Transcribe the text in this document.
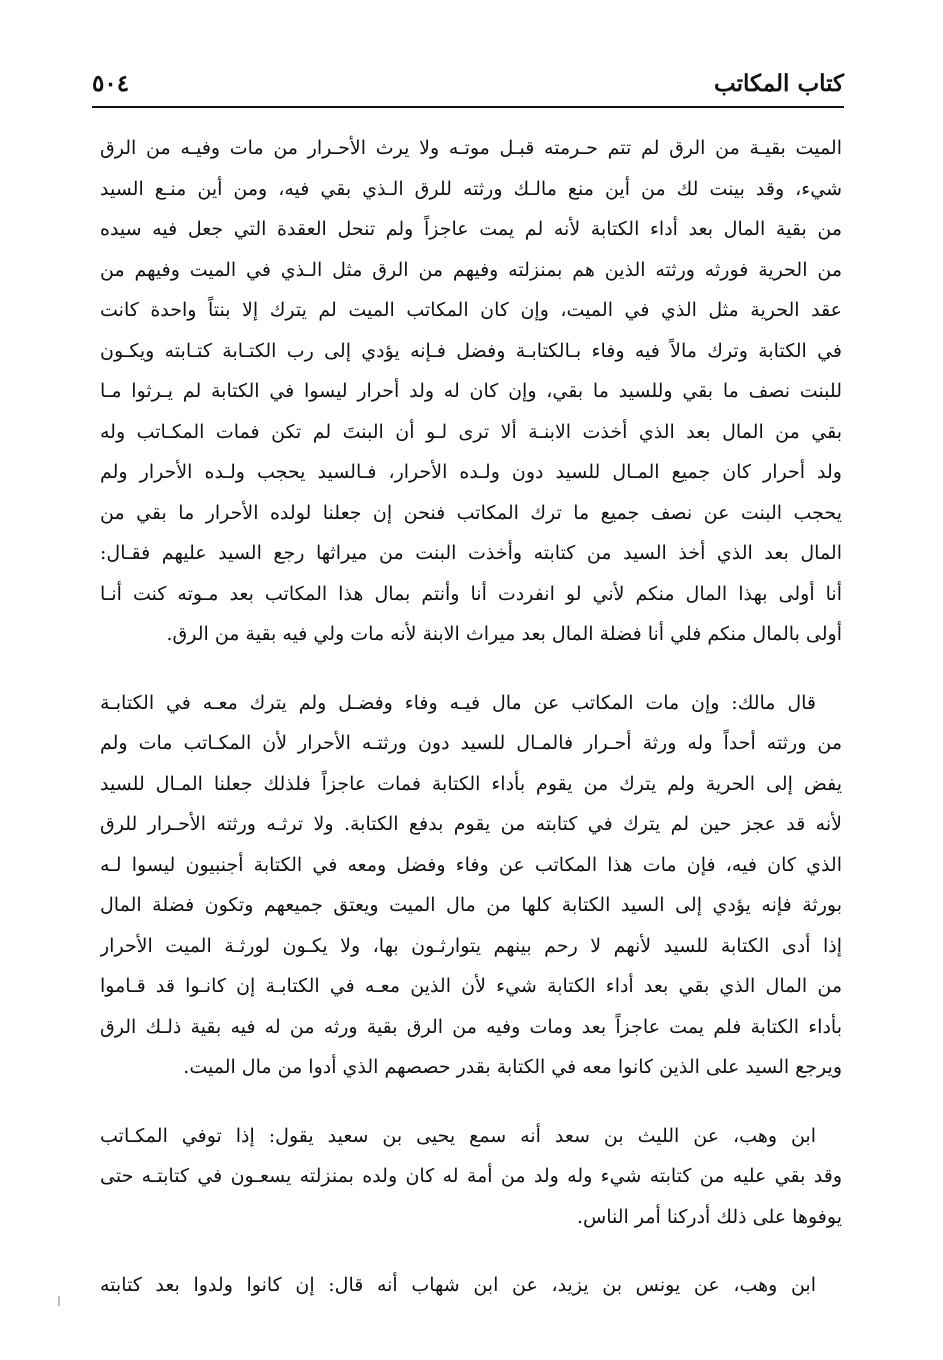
كتاب المكاتب
٥٠٤
الميت بقيـة من الرق لم تتم حـرمته قبـل موتـه ولا يرث الأحـرار من مات وفيـه من الرق
شيء، وقد بينت لك من أين منع مالـك ورثته للرق الـذي بقي فيه، ومن أين منـع السيد
من بقية المال بعد أداء الكتابة لأنه لم يمت عاجزاً ولم تنحل العقدة التي جعل فيه سيده
من الحرية فورثه ورثته الذين هم بمنزلته وفيهم من الرق مثل الـذي في الميت وفيهم من
عقد الحرية مثل الذي في الميت، وإن كان المكاتب الميت لم يترك إلا بنتاً واحدة كانت
في الكتابة وترك مالاً فيه وفاء بـالكتابـة وفضل فـإنه يؤدي إلى رب الكتـابة كتـابته ويكـون
للبنت نصف ما بقي وللسيد ما بقي، وإن كان له ولد أحرار ليسوا في الكتابة لم يـرثوا مـا
بقي من المال بعد الذي أخذت الابنـة ألا ترى لـو أن البنتَ لم تكن فمات المكـاتب وله
ولد أحرار كان جميع المـال للسيد دون ولـده الأحرار، فـالسيد يحجب ولـده الأحرار ولم
يحجب البنت عن نصف جميع ما ترك المكاتب فنحن إن جعلنا لولده الأحرار ما بقي من
المال بعد الذي أخذ السيد من كتابته وأخذت البنت من ميراثها رجع السيد عليهم فقـال:
أنا أولى بهذا المال منكم لأني لو انفردت أنا وأنتم بمال هذا المكاتب بعد مـوته كنت أنـا
أولى بالمال منكم فلي أنا فضلة المال بعد ميراث الابنة لأنه مات ولي فيه بقية من الرق.
قال مالك: وإن مات المكاتب عن مال فيـه وفاء وفضـل ولم يترك معـه في الكتابـة
من ورثته أحداً وله ورثة أحـرار فالمـال للسيد دون ورثتـه الأحرار لأن المكـاتب مات ولم
يفض إلى الحرية ولم يترك من يقوم بأداء الكتابة فمات عاجزاً فلذلك جعلنا المـال للسيد
لأنه قد عجز حين لم يترك في كتابته من يقوم بدفع الكتابة. ولا ترثـه ورثته الأحـرار للرق
الذي كان فيه، فإن مات هذا المكاتب عن وفاء وفضل ومعه في الكتابة أجنبيون ليسوا لـه
بورثة فإنه يؤدي إلى السيد الكتابة كلها من مال الميت ويعتق جميعهم وتكون فضلة المال
إذا أدى الكتابة للسيد لأنهم لا رحم بينهم يتوارثـون بها، ولا يكـون لورثـة الميت الأحرار
من المال الذي بقي بعد أداء الكتابة شيء لأن الذين معـه في الكتابـة إن كانـوا قد قـاموا
بأداء الكتابة فلم يمت عاجزاً بعد ومات وفيه من الرق بقية ورثه من له فيه بقية ذلـك الرق
ويرجع السيد على الذين كانوا معه في الكتابة بقدر حصصهم الذي أدوا من مال الميت.
ابن وهب، عن الليث بن سعد أنه سمع يحيى بن سعيد يقول: إذا توفي المكـاتب
وقد بقي عليه من كتابته شيء وله ولد من أمة له كان ولده بمنزلته يسعـون في كتابتـه حتى
يوفوها على ذلك أدركنا أمر الناس.
ابن وهب، عن يونس بن يزيد، عن ابن شهاب أنه قال: إن كانوا ولدوا بعد كتابته
